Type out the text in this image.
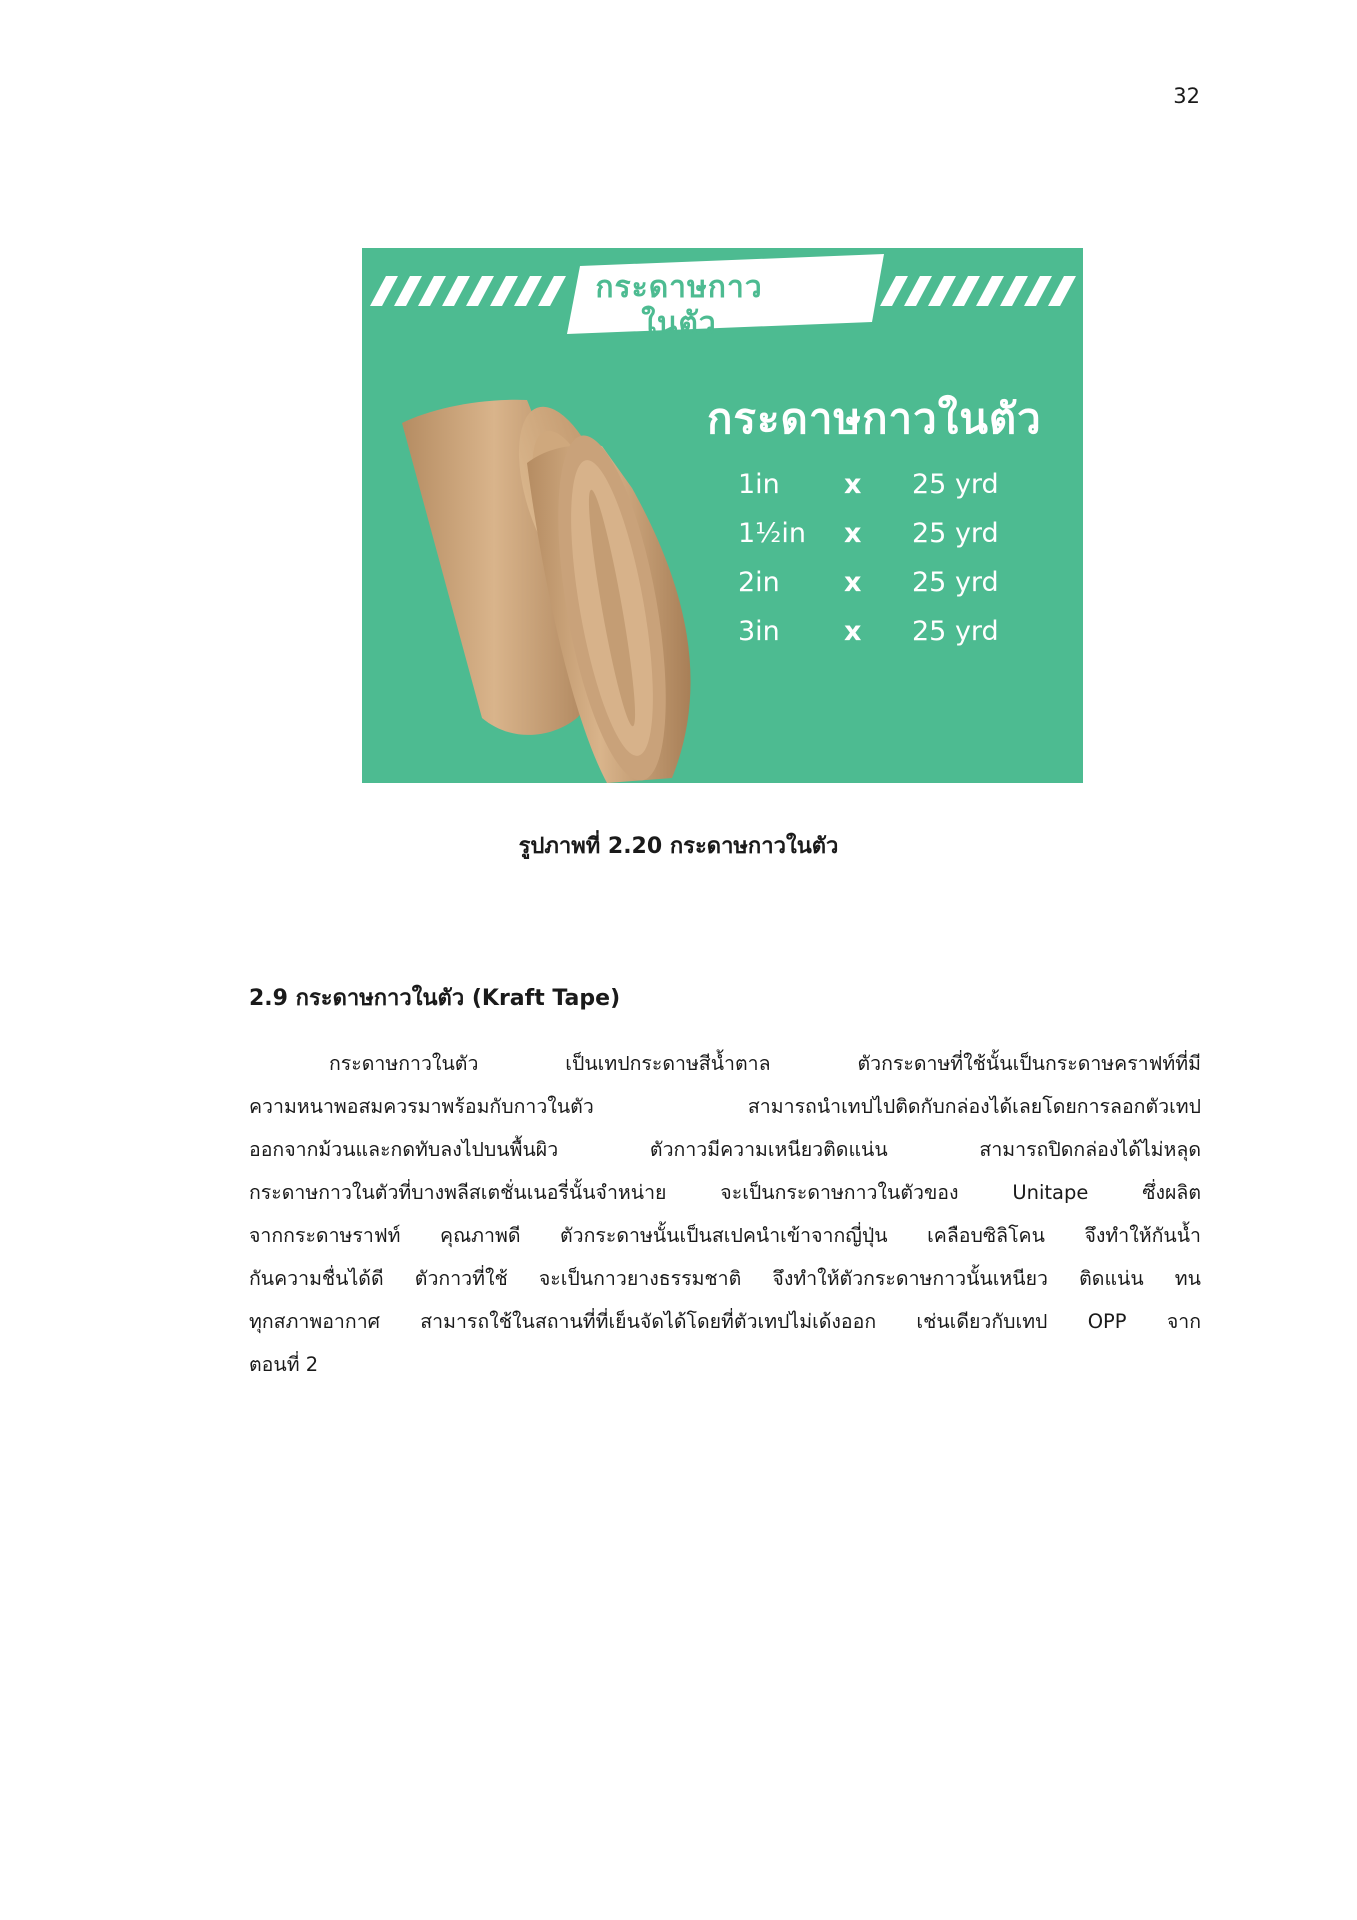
32
กระดาษกาวในตัว
กระดาษกาวในตัว
1in	x	25 yrd
1½in	x	25 yrd
2in	x	25 yrd
3in	x	25 yrd
รูปภาพที่ 2.20 กระดาษกาวในตัว
2.9 กระดาษกาวในตัว (Kraft Tape)
กระดาษกาวในตัว เป็นเทปกระดาษสีน้ำตาล ตัวกระดาษที่ใช้นั้นเป็นกระดาษคราฟท์ที่มี
ความหนาพอสมควรมาพร้อมกับกาวในตัว สามารถนำเทปไปติดกับกล่องได้เลยโดยการลอกตัวเทป
ออกจากม้วนและกดทับลงไปบนพื้นผิว ตัวกาวมีความเหนียวติดแน่น สามารถปิดกล่องได้ไม่หลุด
กระดาษกาวในตัวที่บางพลีสเตชั่นเนอรี่นั้นจำหน่าย จะเป็นกระดาษกาวในตัวของ Unitape ซึ่งผลิต
จากกระดาษราฟท์ คุณภาพดี ตัวกระดาษนั้นเป็นสเปคนำเข้าจากญี่ปุ่น เคลือบซิลิโคน จึงทำให้กันน้ำ
กันความชื่นได้ดี ตัวกาวที่ใช้ จะเป็นกาวยางธรรมชาติ จึงทำให้ตัวกระดาษกาวนั้นเหนียว ติดแน่น ทน
ทุกสภาพอากาศ สามารถใช้ในสถานที่ที่เย็นจัดได้โดยที่ตัวเทปไม่เด้งออก เช่นเดียวกับเทป OPP จาก
ตอนที่ 2
